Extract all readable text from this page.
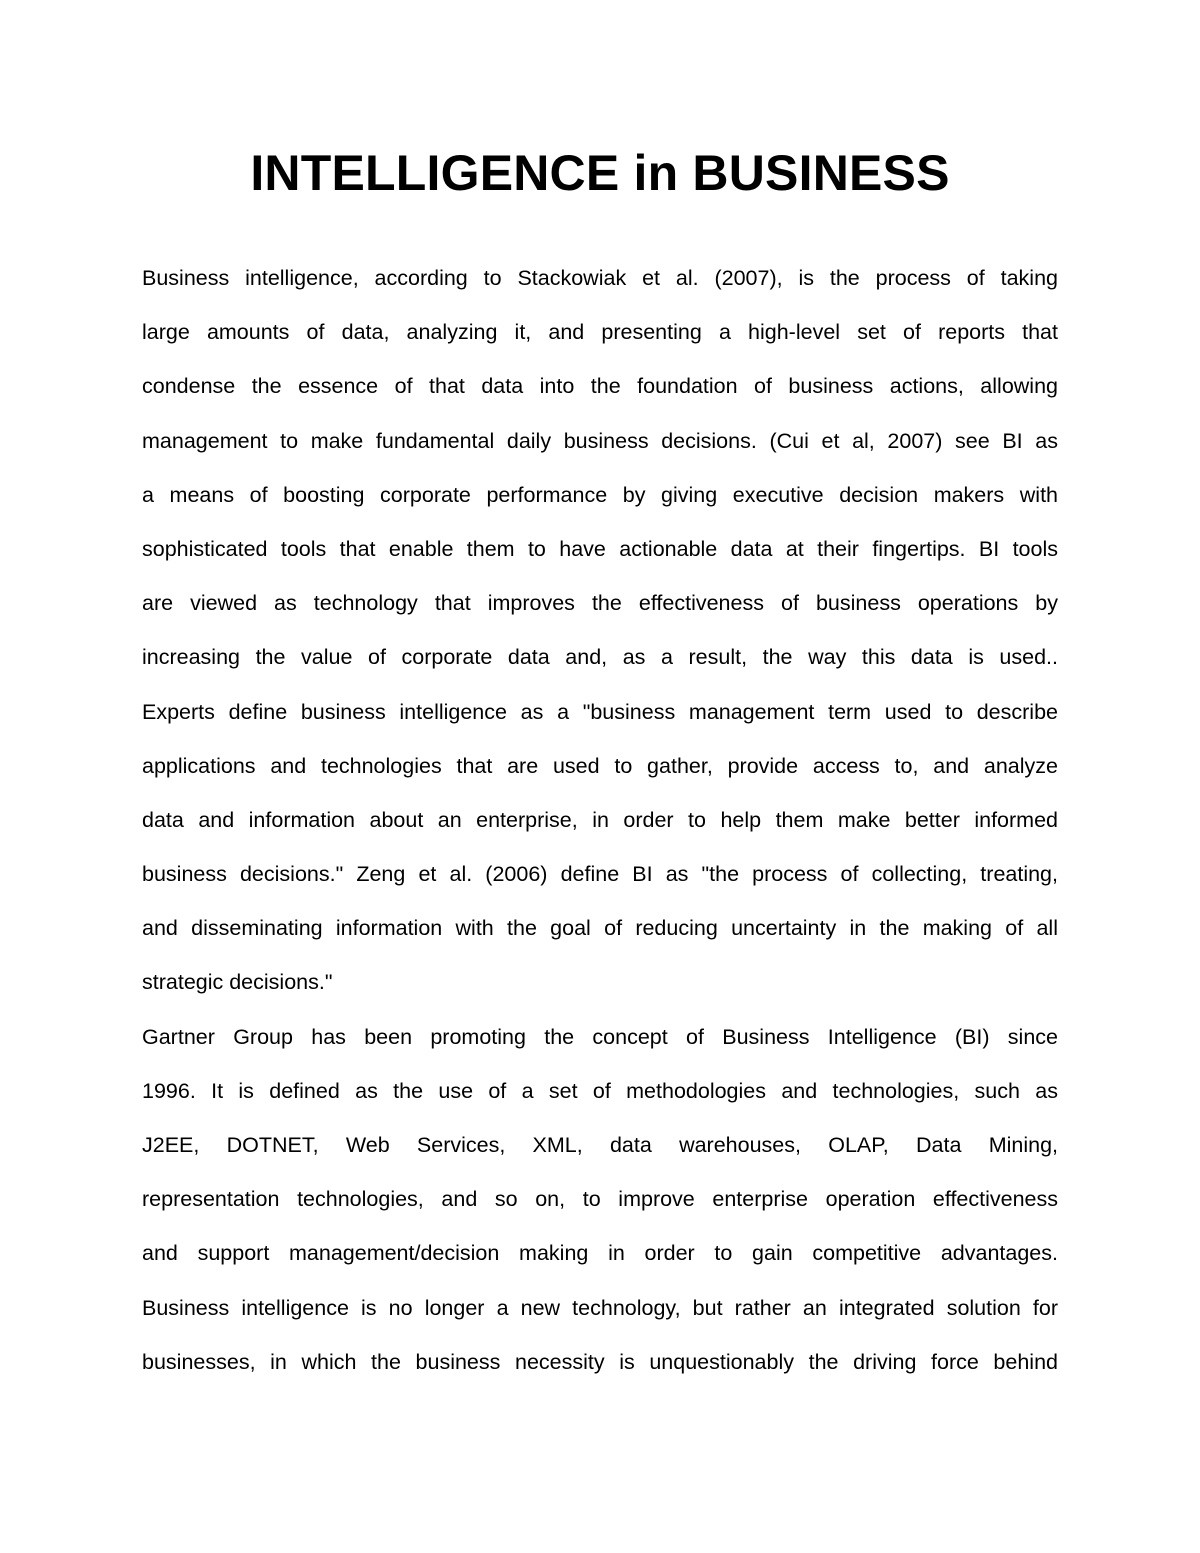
INTELLIGENCE in BUSINESS
Business intelligence, according to Stackowiak et al. (2007), is the process of taking
large amounts of data, analyzing it, and presenting a high-level set of reports that
condense the essence of that data into the foundation of business actions, allowing
management to make fundamental daily business decisions. (Cui et al, 2007) see BI as
a means of boosting corporate performance by giving executive decision makers with
sophisticated tools that enable them to have actionable data at their fingertips. BI tools
are viewed as technology that improves the effectiveness of business operations by
increasing the value of corporate data and, as a result, the way this data is used..
Experts define business intelligence as a "business management term used to describe
applications and technologies that are used to gather, provide access to, and analyze
data and information about an enterprise, in order to help them make better informed
business decisions." Zeng et al. (2006) define BI as "the process of collecting, treating,
and disseminating information with the goal of reducing uncertainty in the making of all
strategic decisions."
Gartner Group has been promoting the concept of Business Intelligence (BI) since
1996. It is defined as the use of a set of methodologies and technologies, such as
J2EE, DOTNET, Web Services, XML, data warehouses, OLAP, Data Mining,
representation technologies, and so on, to improve enterprise operation effectiveness
and support management/decision making in order to gain competitive advantages.
Business intelligence is no longer a new technology, but rather an integrated solution for
businesses, in which the business necessity is unquestionably the driving force behind
